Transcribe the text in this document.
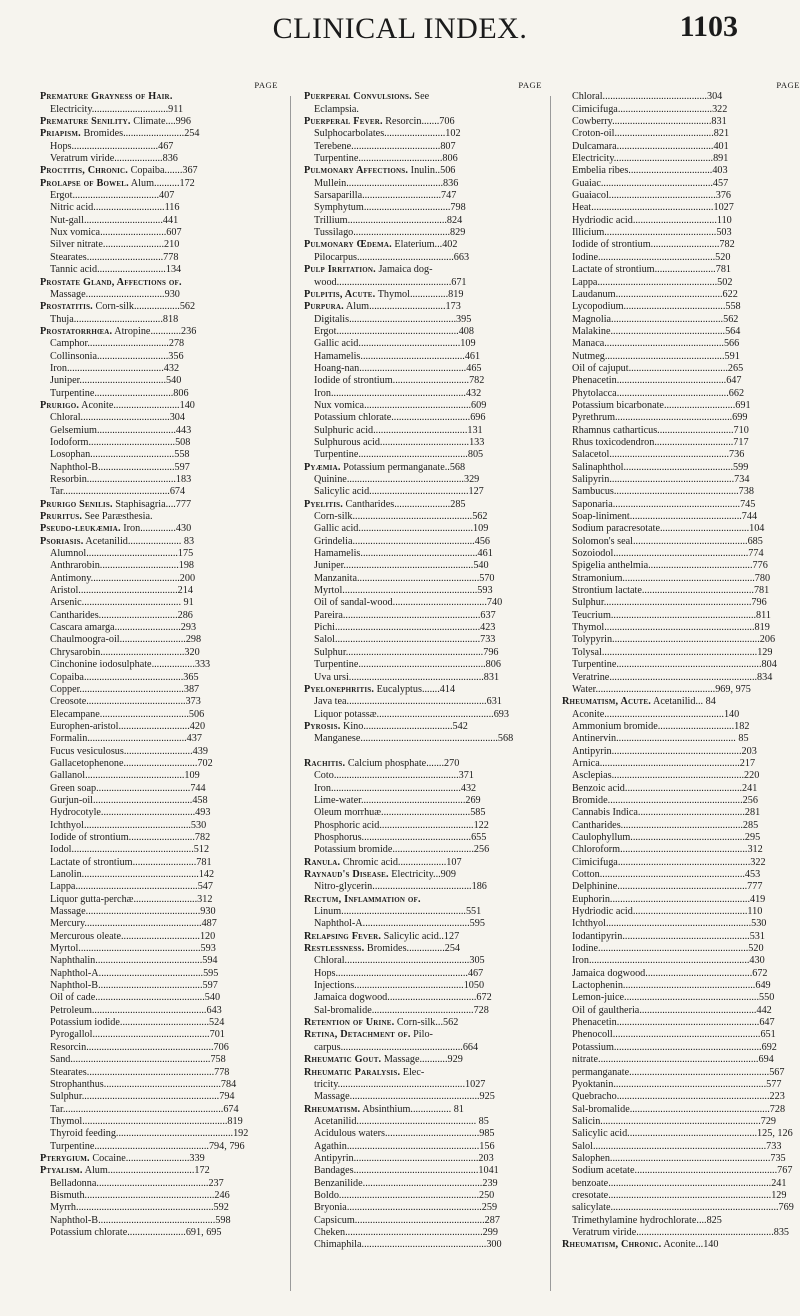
CLINICAL INDEX.	1103
PAGE
Premature Grayness of Hair.
Electricity..............................911
Premature Senility. Climate....996
Priapism. Bromides........................254
Hops..................................467
Veratrum viride...................836
Proctitis, Chronic. Copaiba.......367
Prolapse of Bowel. Alum..........172
Ergot..................................407
Nitric acid............................116
Nut-gall...............................441
Nux vomica..........................607
Silver nitrate........................210
Stearates..............................778
Tannic acid...........................134
Prostate Gland, Affections of.
Massage...............................930
Prostatitis. Corn-silk..................562
Thuja...................................818
Prostatorrhœa. Atropine............236
Camphor................................278
Collinsonia............................356
Iron......................................432
Juniper..................................540
Turpentine...............................806
Prurigo. Aconite..........................140
Chloral...................................304
Gelsemium...............................443
Iodoform..................................508
Losophan.................................558
Naphthol-B..............................597
Resorbin...................................183
Tar..........................................674
Prurigo Senilis. Staphisagria....777
Pruritus. See Paræsthesia.
Pseudo-leukæmia. Iron..............430
Psoriasis. Acetanilid..................... 83
Alumnol....................................175
Anthrarobin...............................198
Antimony...................................200
Aristol.......................................214
Arsenic....................................... 91
Cantharides...............................286
Cascara amarga..........................293
Chaulmoogra-oil..........................298
Chrysarobin.................................320
Cinchonine iodosulphate.................333
Copaiba.......................................365
Copper.........................................387
Creosote.......................................373
Elecampane...................................506
Europhen-aristol............................420
Formalin.......................................437
Fucus vesiculosus...........................439
Gallacetophenone.............................702
Gallanol.......................................109
Green soap.....................................744
Gurjun-oil.......................................458
Hydrocotyle.....................................493
Ichthyol..........................................530
Iodide of strontium..........................782
Iodol................................................512
Lactate of strontium.........................781
Lanolin..............................................142
Lappa................................................547
Liquor gutta-perchæ.........................312
Massage.............................................930
Mercury..............................................487
Mercurous oleate...............................120
Myrtol................................................593
Naphthalin..........................................594
Naphthol-A.........................................595
Naphthol-B.........................................597
Oil of cade...........................................540
Petroleum.............................................643
Potassium iodide...................................524
Pyrogallol..............................................701
Resorcin..................................................706
Sand.......................................................758
Stearates..................................................778
Strophanthus..............................................784
Sulphur......................................................794
Tar...............................................................674
Thymol.........................................................819
Thyroid feeding..............................................192
Turpentine.............................................794, 796
Pterygium. Cocaine.........................339
Ptyalism. Alum..................................172
Belladonna............................................237
Bismuth...................................................246
Myrrh......................................................592
Naphthol-B..............................................598
Potassium chlorate.......................691, 695
PAGE
Puerperal Convulsions. See
Eclampsia.
Puerperal Fever. Resorcin.......706
Sulphocarbolates........................102
Terebene...................................807
Turpentine.................................806
Pulmonary Affections. Inulin..506
Mullein......................................836
Sarsaparilla...............................747
Symphytum..................................798
Trillium.......................................824
Tussilago......................................829
Pulmonary Œdema. Elaterium...402
Pilocarpus......................................663
Pulp Irritation. Jamaica dog-
wood.............................................671
Pulpitis, Acute. Thymol...............819
Purpura. Alum..............................173
Digitalis..........................................395
Ergot................................................408
Gallic acid........................................109
Hamamelis.........................................461
Hoang-nan..........................................465
Iodide of strontium..............................782
Iron.....................................................432
Nux vomica..........................................609
Potassium chlorate...............................696
Sulphuric acid.....................................131
Sulphurous acid...................................133
Turpentine...........................................805
Pyæmia. Potassium permanganate..568
Quinine..............................................329
Salicylic acid.......................................127
Pyelitis. Cantharides......................285
Corn-silk...............................................562
Gallic acid.............................................109
Grindelia................................................456
Hamamelis..............................................461
Juniper...................................................540
Manzanita................................................570
Myrtol.....................................................593
Oil of sandal-wood.....................................740
Pareira......................................................637
Pichi.........................................................423
Salol.........................................................733
Sulphur......................................................796
Turpentine..................................................806
Uva ursi.....................................................831
Pyelonephritis. Eucalyptus.......414
Java tea.......................................................631
Liquor potassæ..............................................693
Pyrosis. Kino...................................542
Manganese......................................................568

Rachitis. Calcium phosphate.......270
Coto.................................................371
Iron...................................................432
Lime-water.........................................269
Oleum morrhuæ...................................585
Phosphoric acid.....................................122
Phosphorus...........................................655
Potassium bromide................................256
Ranula. Chromic acid...................107
Raynaud's Disease. Electricity...909
Nitro-glycerin.......................................186
Rectum, Inflammation of.
Linum.................................................551
Naphthol-A..........................................595
Relapsing Fever. Salicylic acid..127
Restlessness. Bromides...............254
Chloral.................................................305
Hops....................................................467
Injections...........................................1050
Jamaica dogwood...................................672
Sal-bromalide........................................728
Retention of Urine. Corn-silk...562
Retina, Detachment of. Pilo-
carpus................................................664
Rheumatic Gout. Massage...........929
Rheumatic Paralysis. Elec-
tricity..................................................1027
Massage...................................................925
Rheumatism. Absinthium................ 81
Acetanilid............................................... 85
Acidulous waters.....................................985
Agathin....................................................156
Antipyrin.................................................203
Bandages.................................................1041
Benzanilide...............................................239
Boldo.......................................................250
Bryonia.....................................................259
Capsicum...................................................287
Cheken......................................................299
Chimaphila.................................................300
PAGE
Chloral.........................................304
Cimicifuga.....................................322
Cowberry.......................................831
Croton-oil.......................................821
Dulcamara......................................401
Electricity.......................................891
Embelia ribes.................................403
Guaiac............................................457
Guaiacol..........................................376
Heat................................................1027
Hydriodic acid.................................110
Illicium............................................503
Iodide of strontium...........................782
Iodine..............................................520
Lactate of strontium........................781
Lappa...............................................502
Laudanum..........................................622
Lycopodium........................................558
Magnolia............................................562
Malakine.............................................564
Manaca...............................................566
Nutmeg...............................................591
Oil of cajuput.......................................265
Phenacetin...........................................647
Phytolacca............................................662
Potassium bicarbonate............................691
Pyrethrum..............................................699
Rhamnus catharticus..............................710
Rhus toxicodendron...............................717
Salacetol...............................................736
Salinaphthol...........................................599
Salipyrin.................................................734
Sambucus.................................................738
Saponaria..................................................745
Soap-liniment............................................744
Sodium paracresotate...................................104
Solomon's seal.............................................685
Sozoiodol.....................................................774
Spigelia anthelmia.........................................776
Stramonium....................................................780
Strontium lactate............................................781
Sulphur..........................................................796
Teucrium.........................................................811
Thymol...........................................................819
Tolypyrin..........................................................206
Tolysal.............................................................129
Turpentine.........................................................804
Veratrine..........................................................834
Water...............................................969, 975
Rheumatism, Acute. Acetanilid... 84
Aconite...............................................140
Ammonium bromide..............................182
Antinervin............................................... 85
Antipyrin...................................................203
Arnica.......................................................217
Asclepias....................................................220
Benzoic acid..............................................241
Bromide.....................................................256
Cannabis Indica..........................................281
Cantharides................................................285
Caulophyllum.............................................295
Chloroform..................................................312
Cimicifuga....................................................322
Cotton.........................................................453
Delphinine...................................................777
Euphorin.......................................................419
Hydriodic acid.............................................110
Ichthyol.........................................................530
Iodantipyrin..................................................531
Iodine...........................................................520
Iron...............................................................430
Jamaica dogwood..........................................672
Lactophenin....................................................649
Lemon-juice.....................................................550
Oil of gaultheria..............................................442
Phenacetin........................................................647
Phenocoll..........................................................651
Potassium..........................................................692
nitrate...............................................................694
permanganate.......................................................567
Pyoktanin............................................................577
Quebracho............................................................223
Sal-bromalide.......................................................728
Salicin...............................................................729
Salicylic acid...................................................125, 126
Salol....................................................................733
Salophen...............................................................735
Sodium acetate........................................................767
benzoate................................................................241
cresotate................................................................129
salicylate..................................................................769
Trimethylamine hydrochlorate....825
Veratrum viride......................................................835
Rheumatism, Chronic. Aconite...140
